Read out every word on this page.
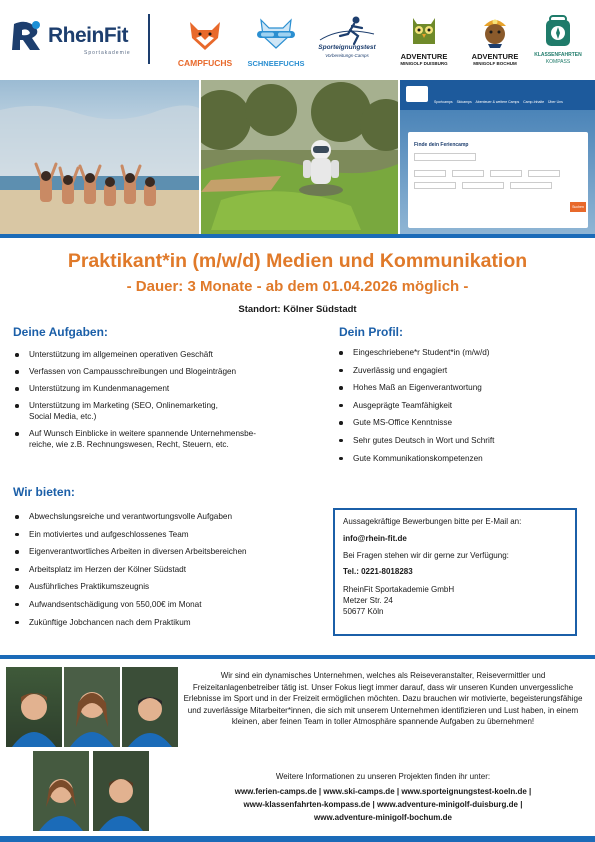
RheinFit
Sportakademie
CAMPFUCHS	SCHNEEFUCHS
Sporteignungstest
Vorbereitungs-Camps	ADVENTURE
MINIGOLF DUISBURG
ADVENTURE
MINIGOLF BOCHUM
KLASSENFAHRTEN
KOMPASS
Sportcamps Skicamps Abenteuer & weitere Camps Camp-Inhalte Über Uns
Finde dein Feriencamp
Suchen
Praktikant*in (m/w/d) Medien und Kommunikation
- Dauer: 3 Monate - ab dem 01.04.2026 möglich -
Standort: Kölner Südstadt
Deine Aufgaben:
Unterstützung im allgemeinen operativen Geschäft
Verfassen von Campausschreibungen und Blogeinträgen
Unterstützung im Kundenmanagement
Unterstützung im Marketing (SEO, Onlinemarketing,
Social Media, etc.)
Auf Wunsch Einblicke in weitere spannende Unternehmensbe-
reiche, wie z.B. Rechnungswesen, Recht, Steuern, etc.
Dein Profil:
Eingeschriebene*r Student*in (m/w/d)
Zuverlässig und engagiert
Hohes Maß an Eigenverantwortung
Ausgeprägte Teamfähigkeit
Gute MS-Office Kenntnisse
Sehr gutes Deutsch in Wort und Schrift
Gute Kommunikationskompetenzen
Wir bieten:
Abwechslungsreiche und verantwortungsvolle Aufgaben
Ein motiviertes und aufgeschlossenes Team
Eigenverantwortliches Arbeiten in diversen Arbeitsbereichen
Arbeitsplatz im Herzen der Kölner Südstadt
Ausführliches Praktikumszeugnis
Aufwandsentschädigung von 550,00€ im Monat
Zukünftige Jobchancen nach dem Praktikum
Aussagekräftige Bewerbungen bitte per E-Mail an:
info@rhein-fit.de
Bei Fragen stehen wir dir gerne zur Verfügung:
Tel.: 0221-8018283
RheinFit Sportakademie GmbH
Metzer Str. 24
50677 Köln
Wir sind ein dynamisches Unternehmen, welches als Reiseveranstalter, Reisevermittler und Freizeitanlagenbetreiber tätig ist. Unser Fokus liegt immer darauf, dass wir unseren Kunden unvergessliche Erlebnisse im Sport und in der Freizeit ermöglichen möchten. Dazu brauchen wir motivierte, begeisterungsfähige und zuverlässige Mitarbeiter*innen, die sich mit unserem Unternehmen identifizieren und Lust haben, in einem kleinen, aber feinen Team in toller Atmosphäre spannende Aufgaben zu übernehmen!
Weitere Informationen zu unseren Projekten finden ihr unter:
www.ferien-camps.de | www.ski-camps.de | www.sporteignungstest-koeln.de |
www-klassenfahrten-kompass.de | www.adventure-minigolf-duisburg.de |
www.adventure-minigolf-bochum.de
